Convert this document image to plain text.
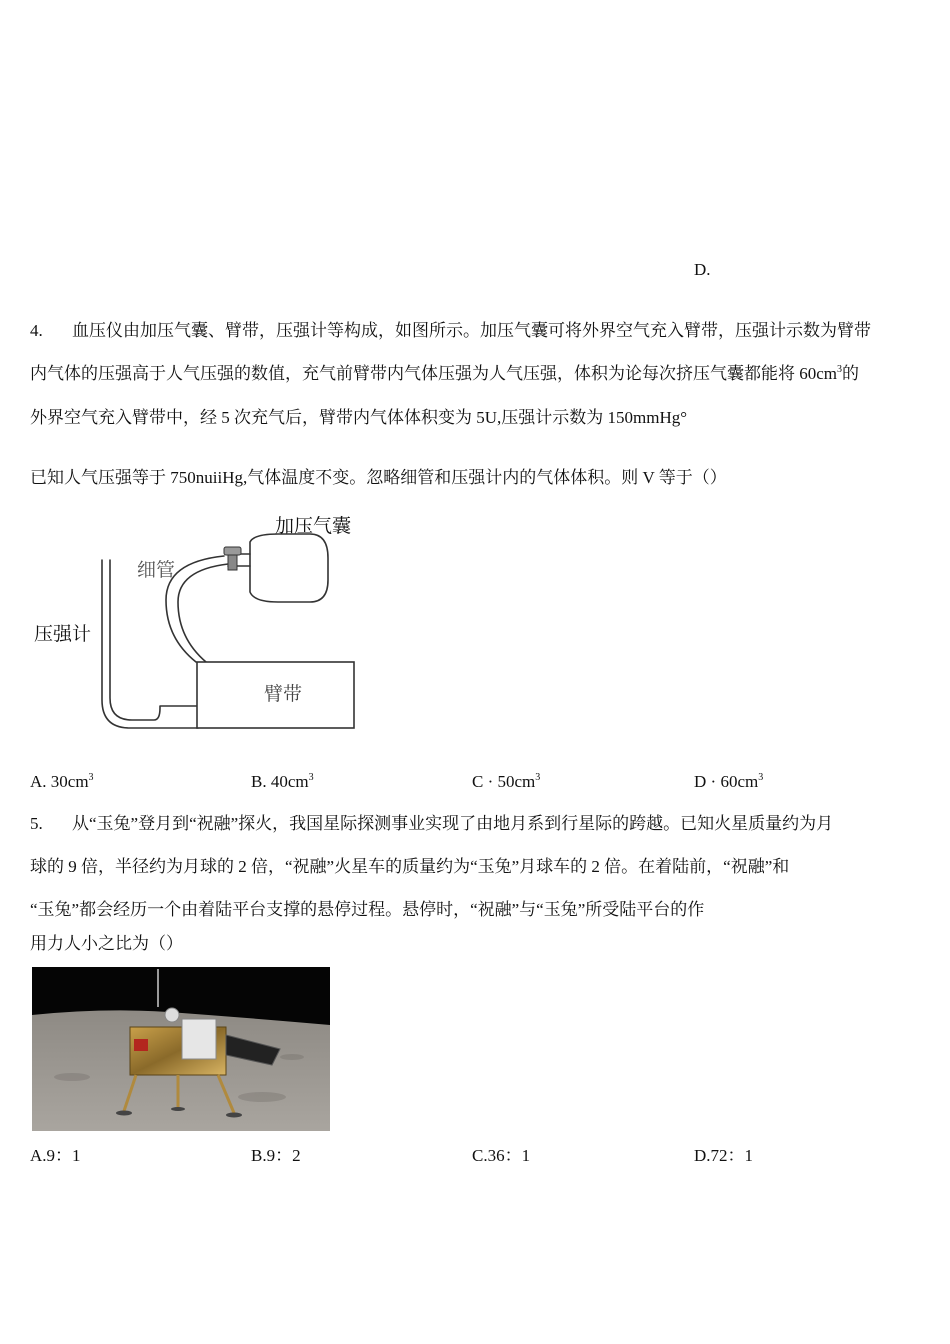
D.
4. 血压仪由加压气囊、臂带，压强计等构成，如图所示。加压气囊可将外界空气充入臂带，压强计示数为臂带
内气体的压强高于人气压强的数值，充气前臂带内气体压强为人气压强，体积为论每次挤压气囊都能将 $60cm^3$的
外界空气充入臂带中，经 5 次充气后，臂带内气体体积变为 5U,压强计示数为 150mmHg°
已知人气压强等于 750nuiiHg,气体温度不变。忽略细管和压强计内的气体体积。则 V 等于（）
加压气囊
细管
压强计
臂带
A. $30cm^3$	B. $40cm^3$	$C \cdot 50cm^3$	$D \cdot 60cm^3$
5. 从“玉兔”登月到“祝融”探火，我国星际探测事业实现了由地月系到行星际的跨越。已知火星质量约为月
球的 9 倍，半径约为月球的 2 倍，“祝融”火星车的质量约为“玉兔”月球车的 2 倍。在着陆前，“祝融”和
“玉兔”都会经历一个由着陆平台支撑的悬停过程。悬停时，“祝融”与“玉兔”所受陆平台的作
用力人小之比为（）
A.9：1	B.9：2	C.36：1	D.72：1
